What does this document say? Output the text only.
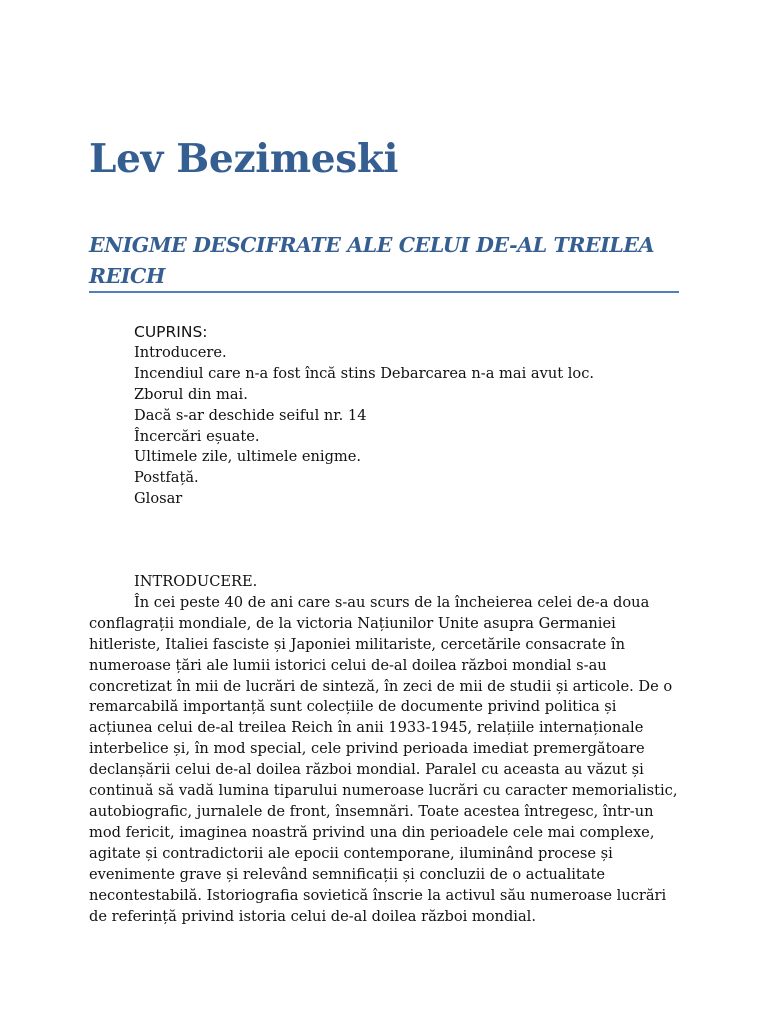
Lev Bezimeski
ENIGME DESCIFRATE ALE CELUI DE-AL TREILEA
REICH
CUPRINS:
Introducere.
Incendiul care n-a fost încă stins Debarcarea n-a mai avut loc.
Zborul din mai.
Dacă s-ar deschide seiful nr. 14
Încercări eșuate.
Ultimele zile, ultimele enigme.
Postfață.
Glosar
INTRODUCERE.
În cei peste 40 de ani care s-au scurs de la încheierea celei de-a doua
conflagrații mondiale, de la victoria Națiunilor Unite asupra Germaniei
hitleriste, Italiei fasciste și Japoniei militariste, cercetările consacrate în
numeroase țări ale lumii istorici celui de-al doilea război mondial s-au
concretizat în mii de lucrări de sinteză, în zeci de mii de studii și articole. De o
remarcabilă importanță sunt colecțiile de documente privind politica și
acțiunea celui de-al treilea Reich în anii 1933-1945, relațiile internaționale
interbelice și, în mod special, cele privind perioada imediat premergătoare
declanșării celui de-al doilea război mondial. Paralel cu aceasta au văzut și
continuă să vadă lumina tiparului numeroase lucrări cu caracter memorialistic,
autobiografic, jurnalele de front, însemnări. Toate acestea întregesc, într-un
mod fericit, imaginea noastră privind una din perioadele cele mai complexe,
agitate și contradictorii ale epocii contemporane, iluminând procese și
evenimente grave și relevând semnificații și concluzii de o actualitate
necontestabilă. Istoriografia sovietică înscrie la activul său numeroase lucrări
de referință privind istoria celui de-al doilea război mondial.
